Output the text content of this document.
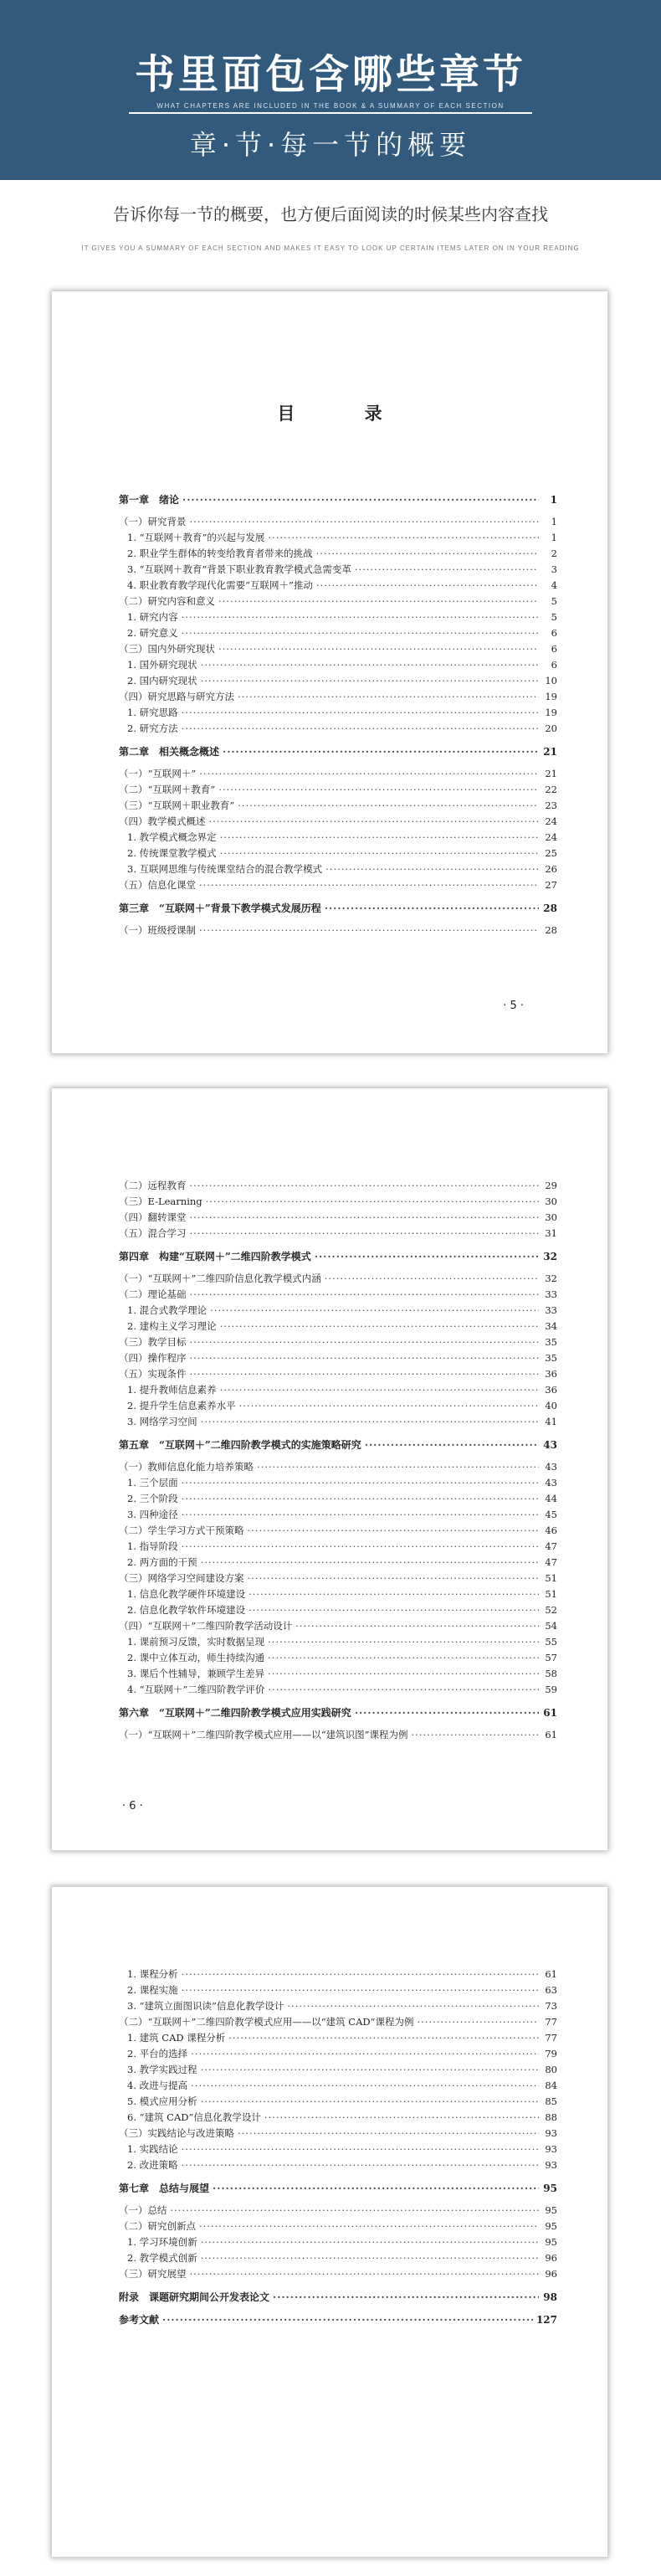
书里面包含哪些章节
WHAT CHAPTERS ARE INCLUDED IN THE BOOK & A SUMMARY OF EACH SECTION
章·节·每一节的概要
告诉你每一节的概要，也方便后面阅读的时候某些内容查找
IT GIVES YOU A SUMMARY OF EACH SECTION AND MAKES IT EASY TO LOOK UP CERTAIN ITEMS LATER ON IN YOUR READING
目 录
第一章　绪论 ·····	1
（一）研究背景 ·····	1
1. “互联网＋教育”的兴起与发展 ·····	1
2. 职业学生群体的转变给教育者带来的挑战 ·····	2
3. “互联网＋教育”背景下职业教育教学模式急需变革 ·····	3
4. 职业教育教学现代化需要“互联网＋”推动 ·····	4
（二）研究内容和意义 ·····	5
1. 研究内容 ·····	5
2. 研究意义 ·····	6
（三）国内外研究现状 ·····	6
1. 国外研究现状 ·····	6
2. 国内研究现状 ·····	10
（四）研究思路与研究方法 ·····	19
1. 研究思路 ·····	19
2. 研究方法 ·····	20
第二章　相关概念概述 ·····	21
（一）“互联网＋” ·····	21
（二）“互联网＋教育” ·····	22
（三）“互联网＋职业教育” ·····	23
（四）教学模式概述 ·····	24
1. 教学模式概念界定 ·····	24
2. 传统课堂教学模式 ·····	25
3. 互联网思维与传统课堂结合的混合教学模式 ·····	26
（五）信息化课堂 ·····	27
第三章　“互联网＋”背景下教学模式发展历程 ·····	28
（一）班级授课制 ·····	28
· 5 ·
（二）远程教育 ·····	29
（三）E-Learning ·····	30
（四）翻转课堂 ·····	30
（五）混合学习 ·····	31
第四章　构建“互联网＋”二维四阶教学模式 ·····	32
（一）“互联网＋”二维四阶信息化教学模式内涵 ·····	32
（二）理论基础 ·····	33
1. 混合式教学理论 ·····	33
2. 建构主义学习理论 ·····	34
（三）教学目标 ·····	35
（四）操作程序 ·····	35
（五）实现条件 ·····	36
1. 提升教师信息素养 ·····	36
2. 提升学生信息素养水平 ·····	40
3. 网络学习空间 ·····	41
第五章　“互联网＋”二维四阶教学模式的实施策略研究 ·····	43
（一）教师信息化能力培养策略 ·····	43
1. 三个层面 ·····	43
2. 三个阶段 ·····	44
3. 四种途径 ·····	45
（二）学生学习方式干预策略 ·····	46
1. 指导阶段 ·····	47
2. 两方面的干预 ·····	47
（三）网络学习空间建设方案 ·····	51
1. 信息化教学硬件环境建设 ·····	51
2. 信息化教学软件环境建设 ·····	52
（四）“互联网＋”二维四阶教学活动设计 ·····	54
1. 课前预习反馈，实时数据呈现 ·····	55
2. 课中立体互动，师生持续沟通 ·····	57
3. 课后个性辅导，兼顾学生差异 ·····	58
4. “互联网＋”二维四阶教学评价 ·····	59
第六章　“互联网＋”二维四阶教学模式应用实践研究 ·····	61
（一）“互联网＋”二维四阶教学模式应用——以“建筑识图”课程为例 ·····	61
· 6 ·
1. 课程分析 ·····	61
2. 课程实施 ·····	63
3. “建筑立面图识读”信息化教学设计 ·····	73
（二）“互联网＋”二维四阶教学模式应用——以“建筑 CAD”课程为例 ·····	77
1. 建筑 CAD 课程分析 ·····	77
2. 平台的选择 ·····	79
3. 教学实践过程 ·····	80
4. 改进与提高 ·····	84
5. 模式应用分析 ·····	85
6. “建筑 CAD”信息化教学设计 ·····	88
（三）实践结论与改进策略 ·····	93
1. 实践结论 ·····	93
2. 改进策略 ·····	93
第七章　总结与展望 ·····	95
（一）总结 ·····	95
（二）研究创新点 ·····	95
1. 学习环境创新 ·····	95
2. 教学模式创新 ·····	96
（三）研究展望 ·····	96
附录　课题研究期间公开发表论文 ·····	98
参考文献 ·····	127
